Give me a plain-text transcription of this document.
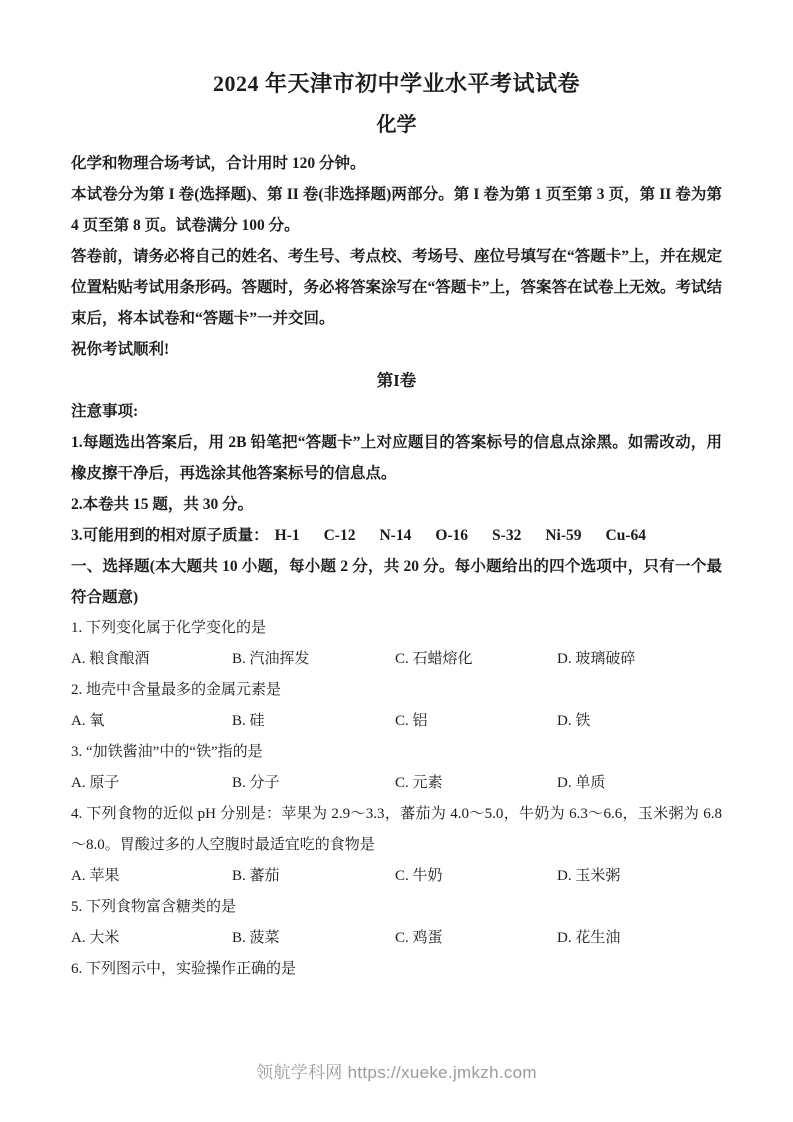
2024 年天津市初中学业水平考试试卷
化学

化学和物理合场考试，合计用时 120 分钟。

本试卷分为第 I 卷(选择题)、第 II 卷(非选择题)两部分。第 I 卷为第 1 页至第 3 页，第 II 卷为第 4 页至第 8 页。试卷满分 100 分。

答卷前，请务必将自己的姓名、考生号、考点校、考场号、座位号填写在“答题卡”上，并在规定位置粘贴考试用条形码。答题时，务必将答案涂写在“答题卡”上，答案答在试卷上无效。考试结束后，将本试卷和“答题卡”一并交回。

祝你考试顺利!

第I卷

注意事项:

1.每题选出答案后，用 2B 铅笔把“答题卡”上对应题目的答案标号的信息点涂黑。如需改动，用橡皮擦干净后，再选涂其他答案标号的信息点。

2.本卷共 15 题，共 30 分。

3.可能用到的相对原子质量： H-1 C-12 N-14 O-16 S-32 Ni-59 Cu-64

一、选择题(本大题共 10 小题，每小题 2 分，共 20 分。每小题给出的四个选项中，只有一个最符合题意)

1. 下列变化属于化学变化的是

A. 粮食酿酒	B. 汽油挥发	C. 石蜡熔化	D. 玻璃破碎

2. 地壳中含量最多的金属元素是

A. 氧	B. 硅	C. 铝	D. 铁

3. “加铁酱油”中的“铁”指的是

A. 原子	B. 分子	C. 元素	D. 单质

4. 下列食物的近似 pH 分别是：苹果为 2.9～3.3，蕃茄为 4.0～5.0，牛奶为 6.3～6.6，玉米粥为 6.8～8.0。胃酸过多的人空腹时最适宜吃的食物是

A. 苹果	B. 蕃茄	C. 牛奶	D. 玉米粥

5. 下列食物富含糖类的是

A. 大米	B. 菠菜	C. 鸡蛋	D. 花生油

6. 下列图示中，实验操作正确的是

领航学科网 https://xueke.jmkzh.com
